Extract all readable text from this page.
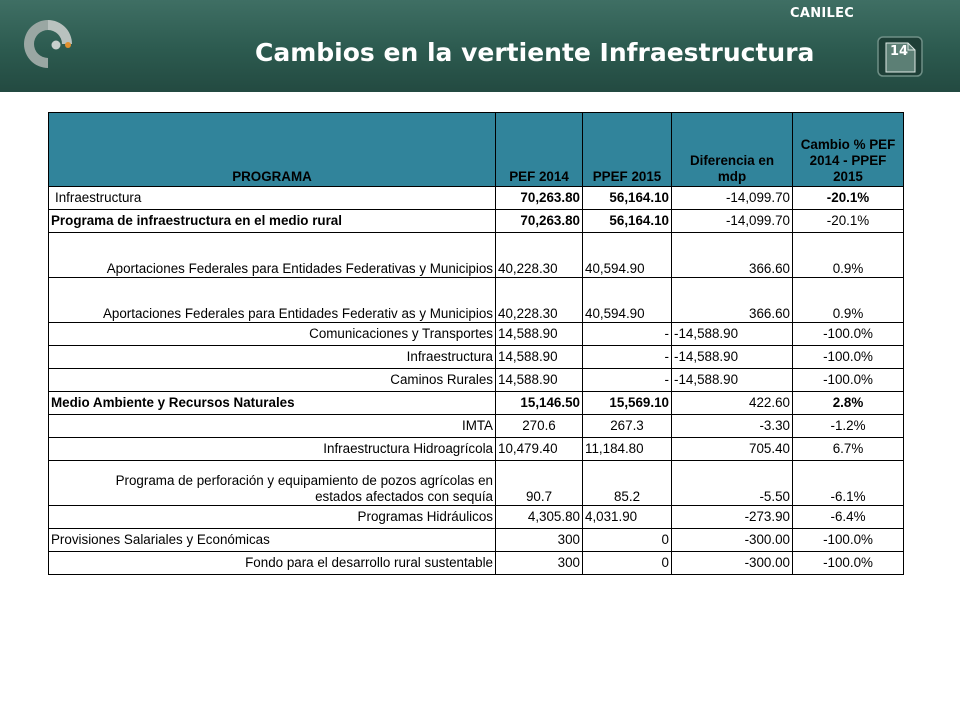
CANILEC
Cambios en la vertiente Infraestructura	14
PROGRAMA	PEF 2014	PPEF 2015	Diferencia en mdp	Cambio % PEF 2014 - PPEF 2015
Infraestructura	70,263.80	56,164.10	-14,099.70	-20.1%
Programa de infraestructura en el medio rural	70,263.80	56,164.10	-14,099.70	-20.1%
Aportaciones Federales para Entidades Federativas y Municipios	40,228.30	40,594.90	366.60	0.9%
Aportaciones Federales para Entidades Federativ as y Municipios	40,228.30	40,594.90	366.60	0.9%
Comunicaciones y Transportes	14,588.90	-	-14,588.90	-100.0%
Infraestructura	14,588.90	-	-14,588.90	-100.0%
Caminos Rurales	14,588.90	-	-14,588.90	-100.0%
Medio Ambiente y Recursos Naturales	15,146.50	15,569.10	422.60	2.8%
IMTA	270.6	267.3	-3.30	-1.2%
Infraestructura Hidroagrícola	10,479.40	11,184.80	705.40	6.7%
Programa de perforación y equipamiento de pozos agrícolas en estados afectados con sequía	90.7	85.2	-5.50	-6.1%
Programas Hidráulicos	4,305.80	4,031.90	-273.90	-6.4%
Provisiones Salariales y Económicas	300	0	-300.00	-100.0%
Fondo para el desarrollo rural sustentable	300	0	-300.00	-100.0%
